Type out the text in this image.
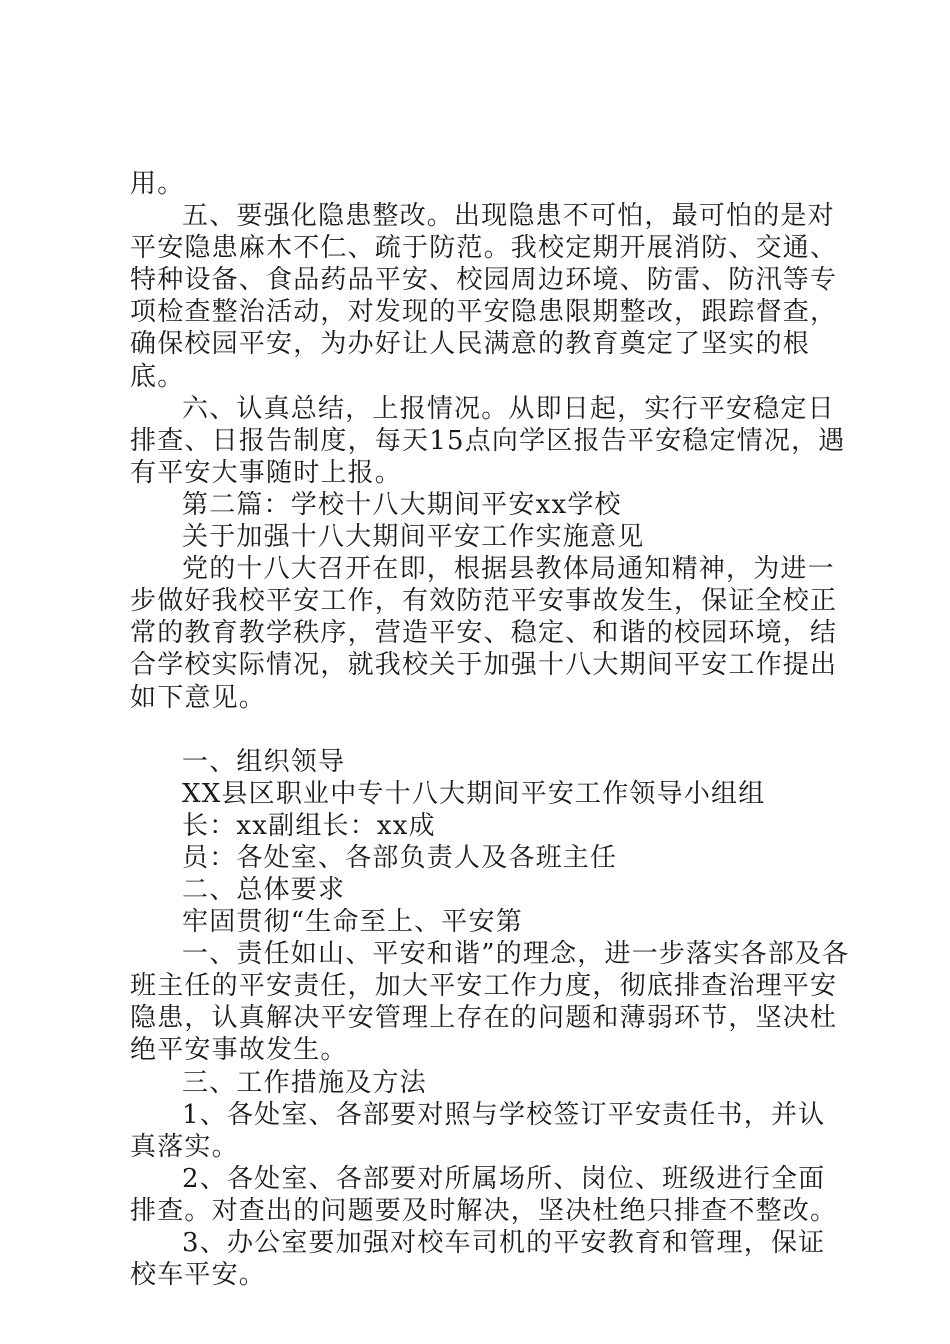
用。

五、要强化隐患整改。出现隐患不可怕，最可怕的是对平安隐患麻木不仁、疏于防范。我校定期开展消防、交通、特种设备、食品药品平安、校园周边环境、防雷、防汛等专项检查整治活动，对发现的平安隐患限期整改，跟踪督查，确保校园平安，为办好让人民满意的教育奠定了坚实的根底。

六、认真总结，上报情况。从即日起，实行平安稳定日排查、日报告制度，每天15点向学区报告平安稳定情况，遇有平安大事随时上报。

第二篇：学校十八大期间平安xx学校

关于加强十八大期间平安工作实施意见

党的十八大召开在即，根据县教体局通知精神，为进一步做好我校平安工作，有效防范平安事故发生，保证全校正常的教育教学秩序，营造平安、稳定、和谐的校园环境，结合学校实际情况，就我校关于加强十八大期间平安工作提出如下意见。

一、组织领导

XX县区职业中专十八大期间平安工作领导小组组

长：xx副组长：xx成

员：各处室、各部负责人及各班主任

二、总体要求

牢固贯彻“生命至上、平安第

一、责任如山、平安和谐”的理念，进一步落实各部及各班主任的平安责任，加大平安工作力度，彻底排查治理平安隐患，认真解决平安管理上存在的问题和薄弱环节，坚决杜绝平安事故发生。

三、工作措施及方法

1、各处室、各部要对照与学校签订平安责任书，并认真落实。

2、各处室、各部要对所属场所、岗位、班级进行全面排查。对查出的问题要及时解决，坚决杜绝只排查不整改。

3、办公室要加强对校车司机的平安教育和管理，保证校车平安。
